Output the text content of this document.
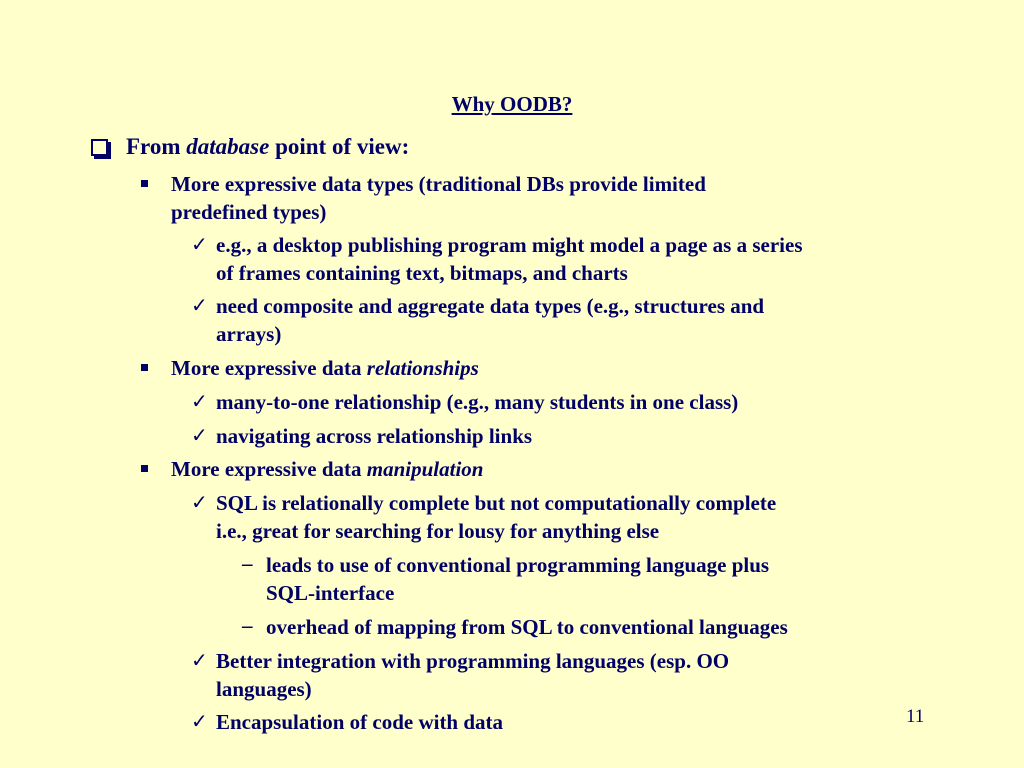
Why OODB?
From database point of view:
More expressive data types (traditional DBs provide limited
predefined types)
✓ e.g., a desktop publishing program might model a page as a series
of frames containing text, bitmaps, and charts
✓ need composite and aggregate data types (e.g., structures and
arrays)
More expressive data relationships
✓ many-to-one relationship (e.g., many students in one class)
✓ navigating across relationship links
More expressive data manipulation
✓ SQL is relationally complete but not computationally complete
i.e., great for searching for lousy for anything else
– leads to use of conventional programming language plus
SQL-interface
– overhead of mapping from SQL to conventional languages
✓ Better integration with programming languages (esp. OO
languages)
✓ Encapsulation of code with data	11
